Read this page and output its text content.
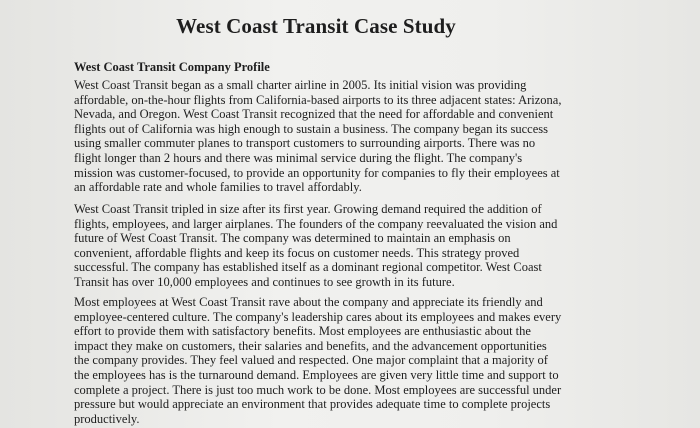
West Coast Transit Case Study
West Coast Transit Company Profile

West Coast Transit began as a small charter airline in 2005. Its initial vision was providing affordable, on-the-hour flights from California-based airports to its three adjacent states: Arizona, Nevada, and Oregon. West Coast Transit recognized that the need for affordable and convenient flights out of California was high enough to sustain a business. The company began its success using smaller commuter planes to transport customers to surrounding airports. There was no flight longer than 2 hours and there was minimal service during the flight. The company's mission was customer-focused, to provide an opportunity for companies to fly their employees at an affordable rate and whole families to travel affordably.

West Coast Transit tripled in size after its first year. Growing demand required the addition of flights, employees, and larger airplanes. The founders of the company reevaluated the vision and future of West Coast Transit. The company was determined to maintain an emphasis on convenient, affordable flights and keep its focus on customer needs. This strategy proved successful. The company has established itself as a dominant regional competitor. West Coast Transit has over 10,000 employees and continues to see growth in its future.

Most employees at West Coast Transit rave about the company and appreciate its friendly and employee-centered culture. The company's leadership cares about its employees and makes every effort to provide them with satisfactory benefits. Most employees are enthusiastic about the impact they make on customers, their salaries and benefits, and the advancement opportunities the company provides. They feel valued and respected. One major complaint that a majority of the employees has is the turnaround demand. Employees are given very little time and support to complete a project. There is just too much work to be done. Most employees are successful under pressure but would appreciate an environment that provides adequate time to complete projects productively.
